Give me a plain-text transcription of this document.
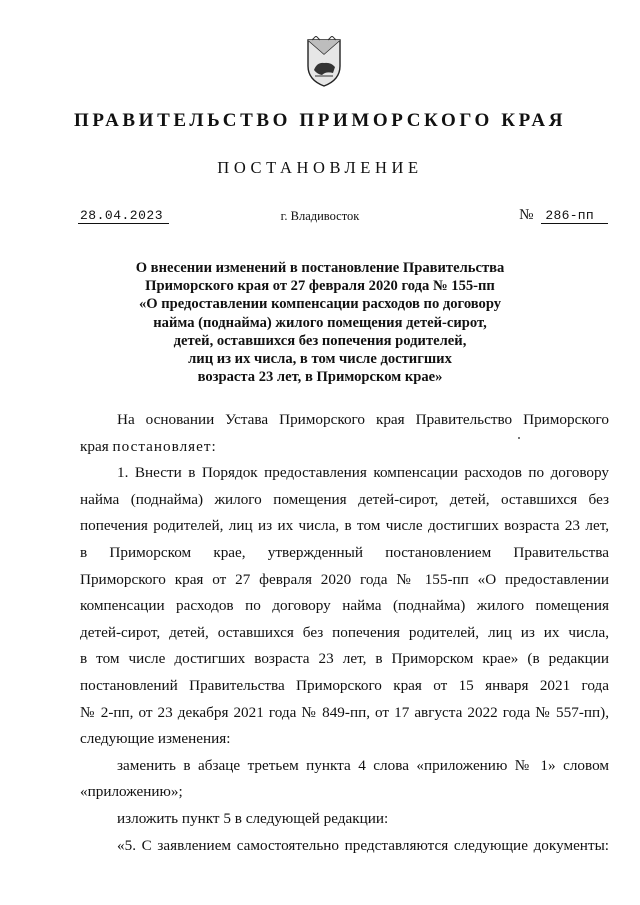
ПРАВИТЕЛЬСТВО ПРИМОРСКОГО КРАЯ
ПОСТАНОВЛЕНИЕ
28.04.2023	г. Владивосток	№ 286-пп
О внесении изменений в постановление Правительства
Приморского края от 27 февраля 2020 года № 155-пп
«О предоставлении компенсации расходов по договору
найма (поднайма) жилого помещения детей-сирот,
детей, оставшихся без попечения родителей,
лиц из их числа, в том числе достигших
возраста 23 лет, в Приморском крае»
На основании Устава Приморского края Правительство Приморского
края постановляет:
1. Внести в Порядок предоставления компенсации расходов по договору
найма (поднайма) жилого помещения детей-сирот, детей, оставшихся без
попечения родителей, лиц из их числа, в том числе достигших возраста 23 лет,
в Приморском крае, утвержденный постановлением Правительства
Приморского края от 27 февраля 2020 года № 155-пп «О предоставлении
компенсации расходов по договору найма (поднайма) жилого помещения
детей-сирот, детей, оставшихся без попечения родителей, лиц из их числа,
в том числе достигших возраста 23 лет, в Приморском крае» (в редакции
постановлений Правительства Приморского края от 15 января 2021 года
№ 2-пп, от 23 декабря 2021 года № 849-пп, от 17 августа 2022 года № 557-пп),
следующие изменения:
заменить в абзаце третьем пункта 4 слова «приложению № 1» словом
«приложению»;
изложить пункт 5 в следующей редакции:
«5. С заявлением самостоятельно представляются следующие документы:
